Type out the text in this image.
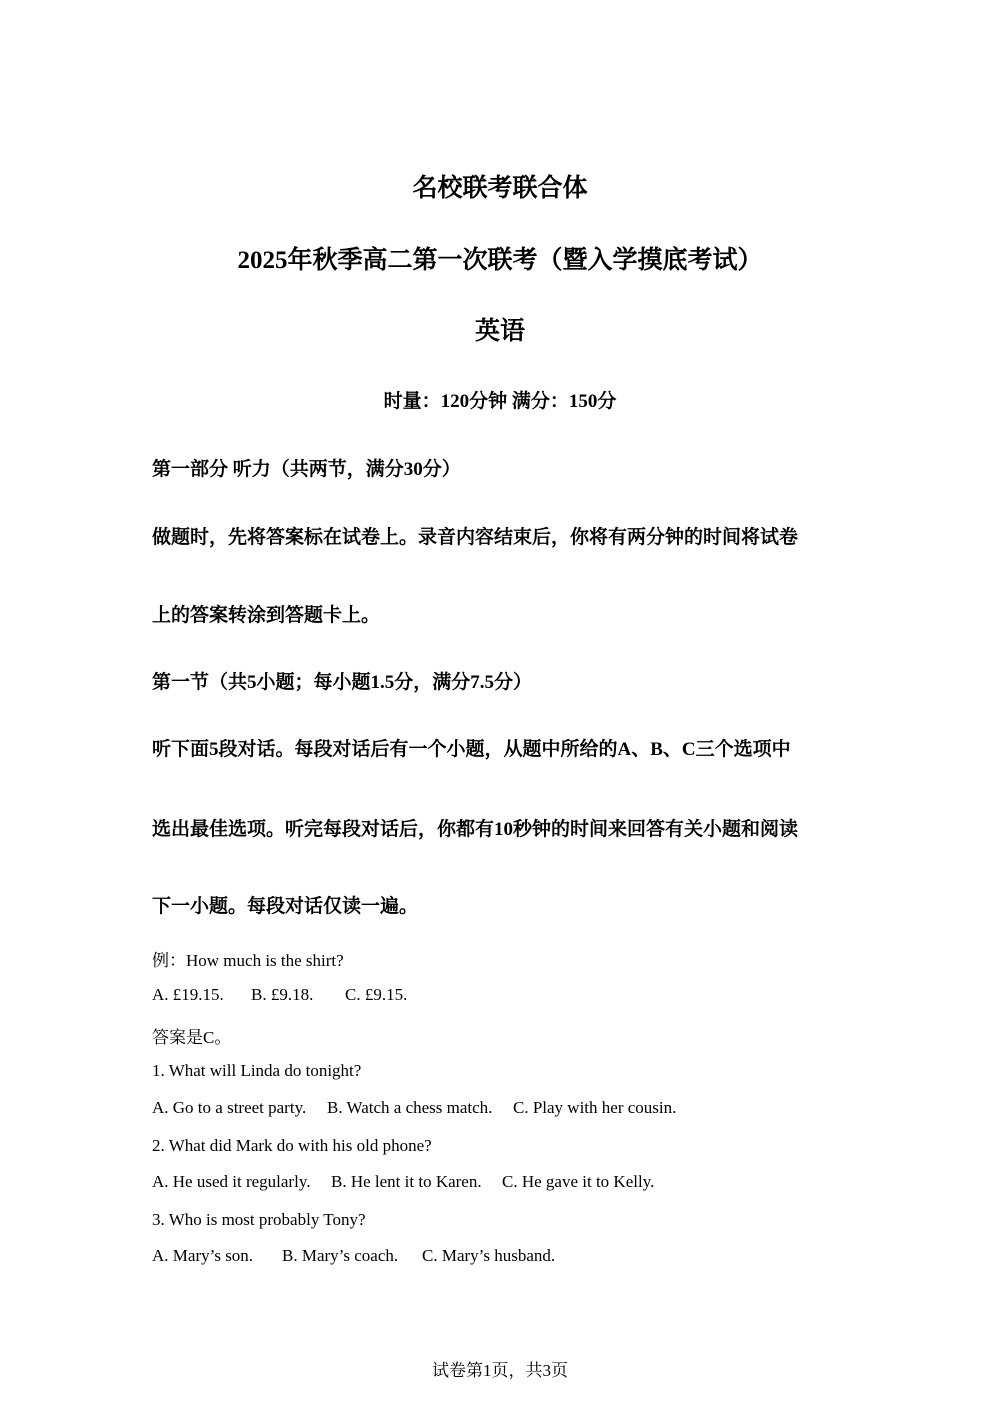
名校联考联合体
2025年秋季高二第一次联考（暨入学摸底考试）
英语
时量：120分钟 满分：150分
第一部分 听力（共两节，满分30分）
做题时，先将答案标在试卷上。录音内容结束后，你将有两分钟的时间将试卷
上的答案转涂到答题卡上。
第一节（共5小题；每小题1.5分，满分7.5分）
听下面5段对话。每段对话后有一个小题，从题中所给的A、B、C三个选项中
选出最佳选项。听完每段对话后，你都有10秒钟的时间来回答有关小题和阅读
下一小题。每段对话仅读一遍。
例：How much is the shirt?
A. £19.15. B. £9.18. C. £9.15.
答案是C。
1. What will Linda do tonight?
A. Go to a street party. B. Watch a chess match. C. Play with her cousin.
2. What did Mark do with his old phone?
A. He used it regularly. B. He lent it to Karen. C. He gave it to Kelly.
3. Who is most probably Tony?
A. Mary’s son. B. Mary’s coach. C. Mary’s husband.
试卷第1页，共3页
